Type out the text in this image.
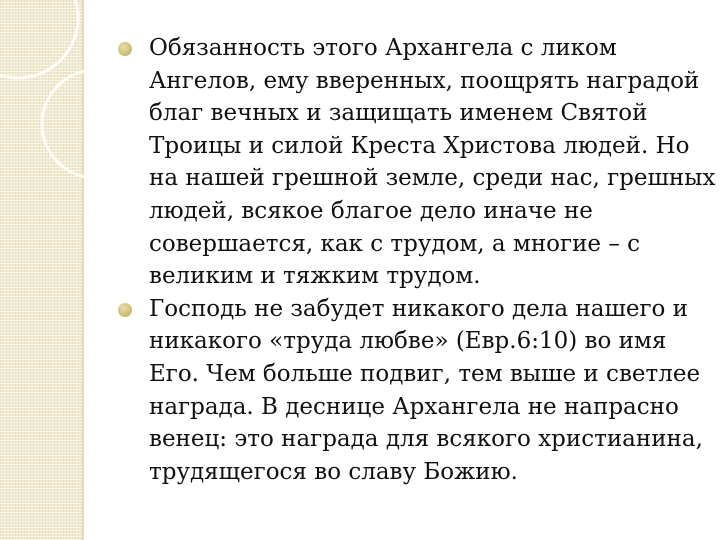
Обязанность этого Архангела с ликом
Ангелов, ему вверенных, поощрять наградой
благ вечных и защищать именем Святой
Троицы и силой Креста Христова людей. Но
на нашей грешной земле, среди нас, грешных
людей, всякое благое дело иначе не
совершается, как с трудом, а многие – с
великим и тяжким трудом.
Господь не забудет никакого дела нашего и
никакого «труда любве» (Евр.6:10) во имя
Его. Чем больше подвиг, тем выше и светлее
награда. В деснице Архангела не напрасно
венец: это награда для всякого христианина,
трудящегося во славу Божию.
